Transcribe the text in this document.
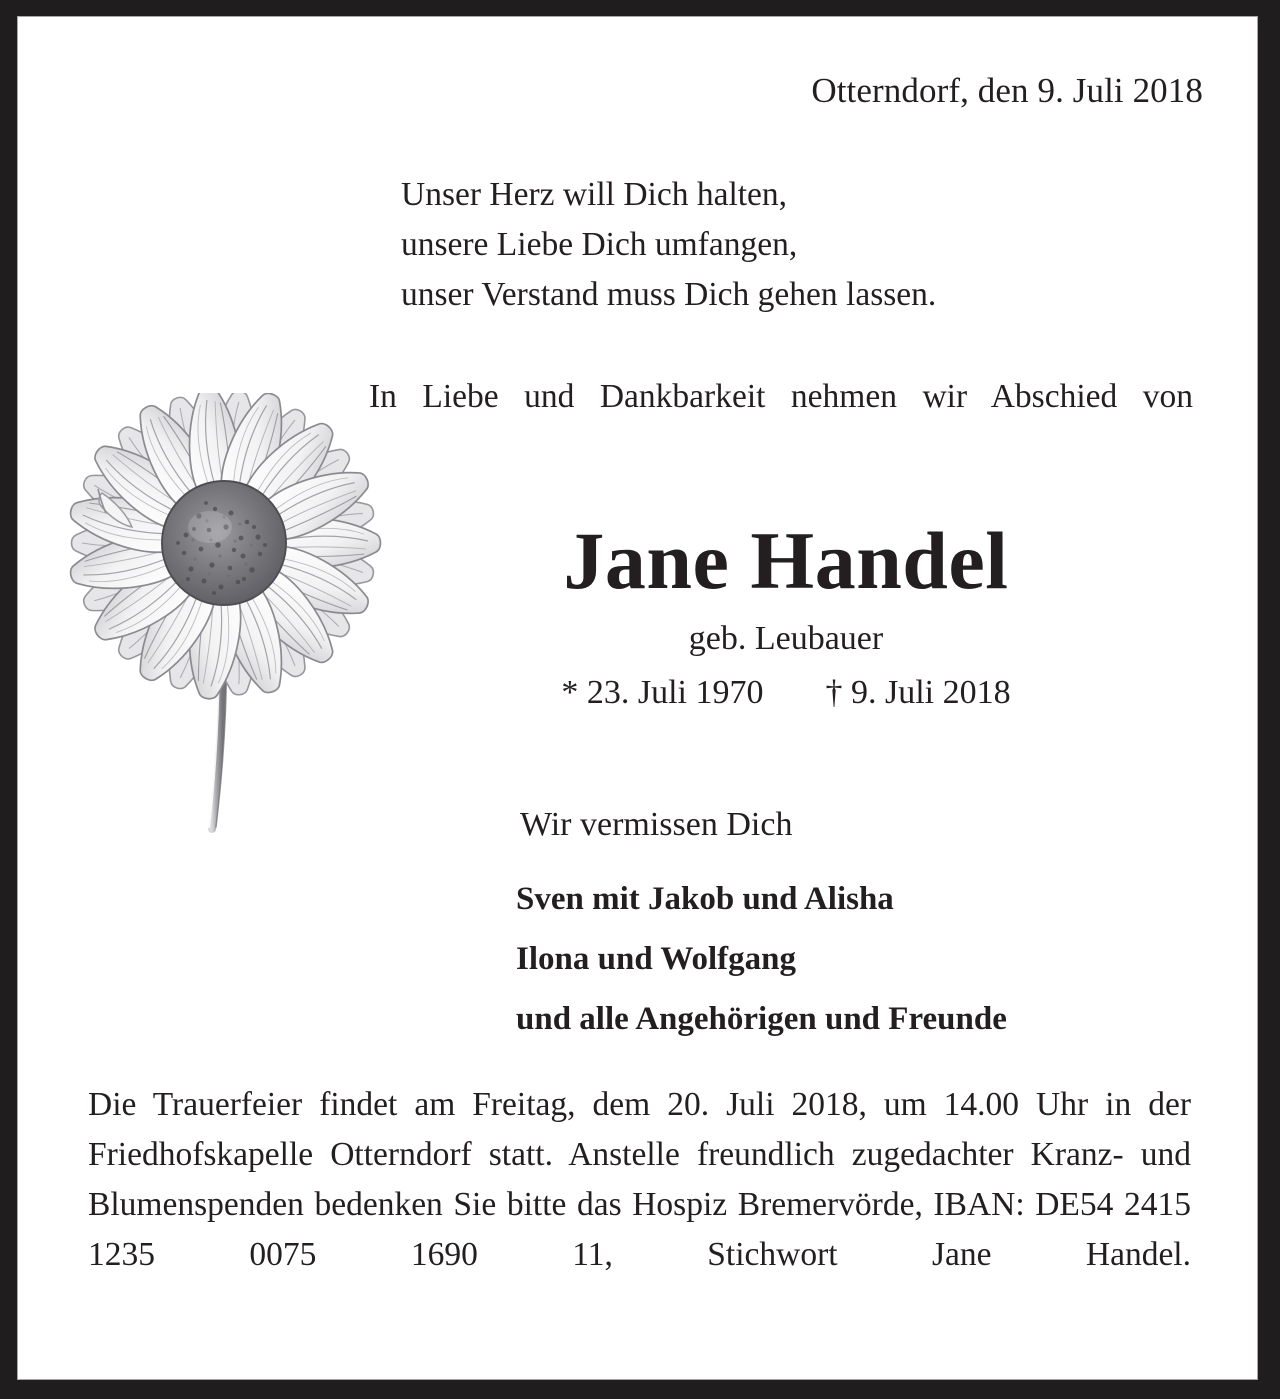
Otterndorf, den 9. Juli 2018
Unser Herz will Dich halten,
unsere Liebe Dich umfangen,
unser Verstand muss Dich gehen lassen.
In Liebe und Dankbarkeit nehmen wir Abschied von
Jane Handel
geb. Leubauer
* 23. Juli 1970 † 9. Juli 2018
Wir vermissen Dich
Sven mit Jakob und Alisha
Ilona und Wolfgang
und alle Angehörigen und Freunde
Die Trauerfeier findet am Freitag, dem 20. Juli 2018, um 14.00 Uhr in der Friedhofskapelle Otterndorf statt. Anstelle freundlich zugedachter Kranz- und Blumenspenden bedenken Sie bitte das Hospiz Bremervörde, IBAN: DE54 2415 1235 0075 1690 11, Stichwort Jane Handel.
